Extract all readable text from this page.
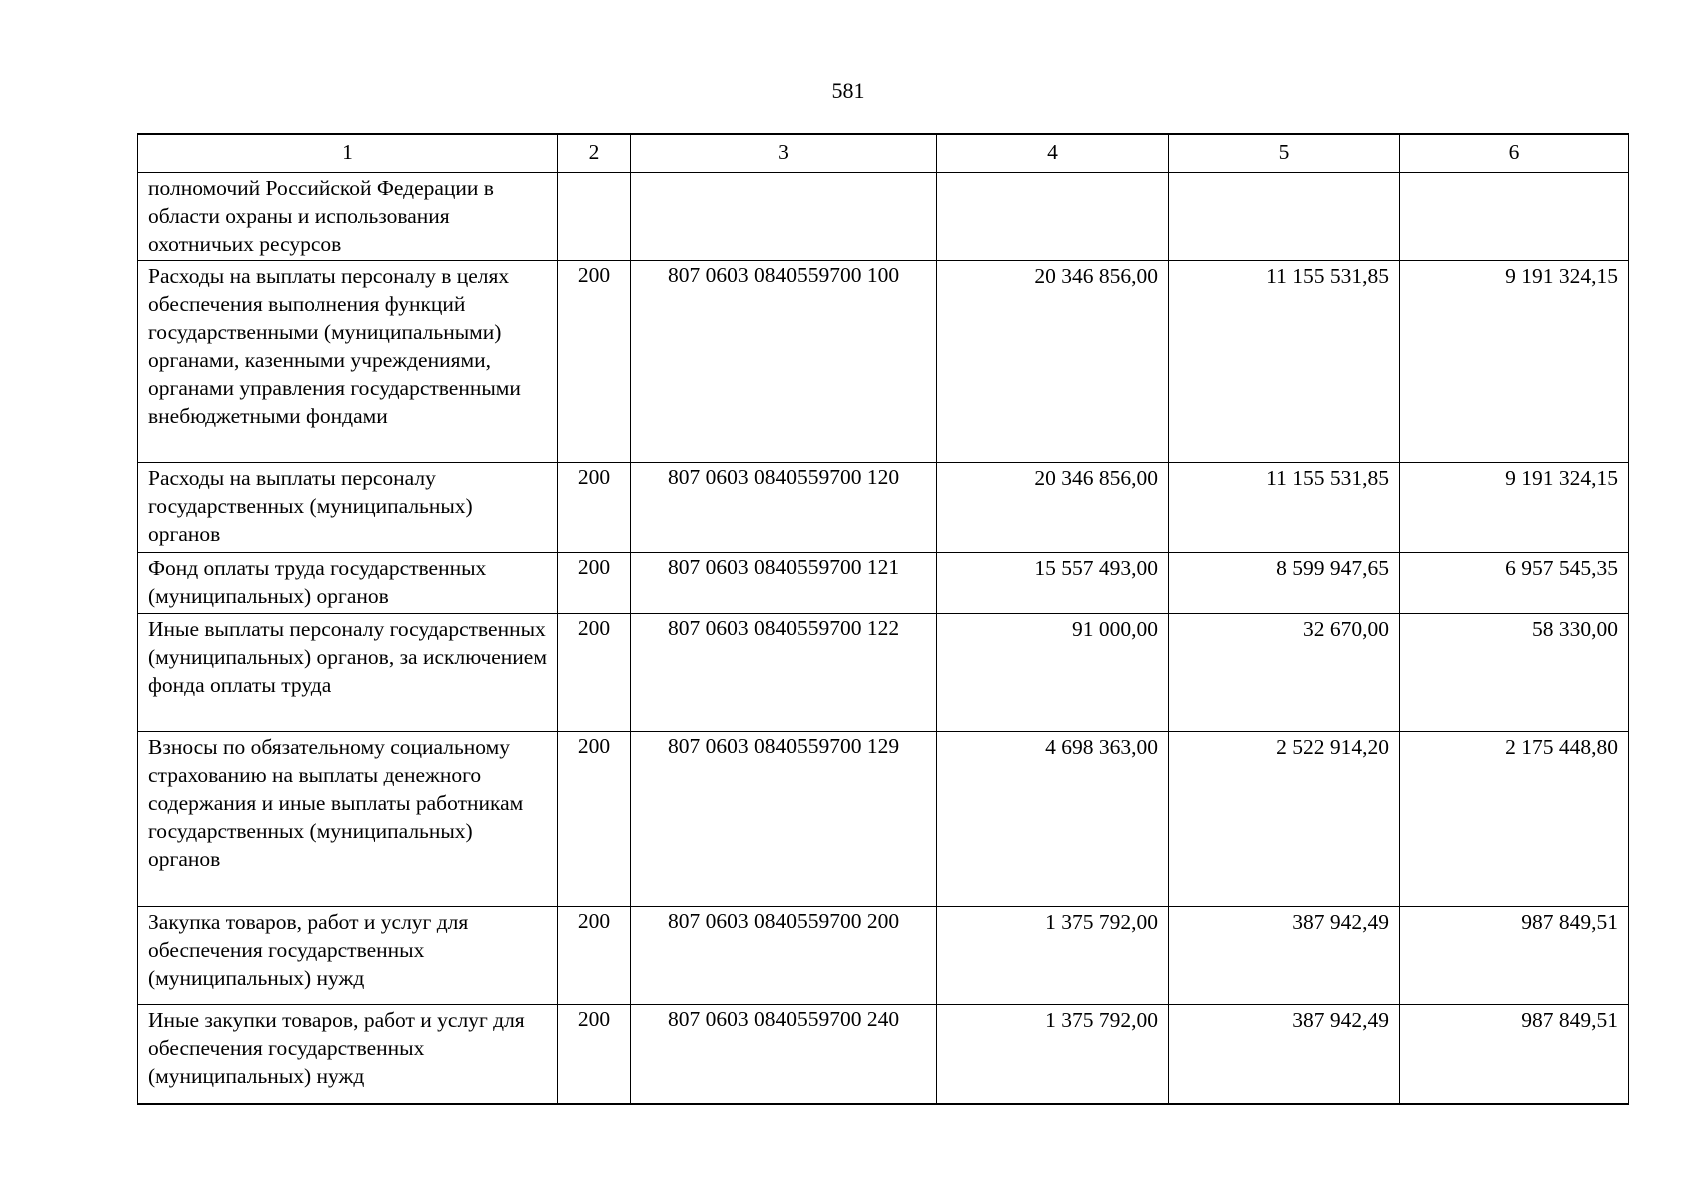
581
1	2	3	4	5	6
полномочий Российской Федерации в области охраны и использования охотничьих ресурсов					
Расходы на выплаты персоналу в целях обеспечения выполнения функций государственными (муниципальными) органами, казенными учреждениями, органами управления государственными внебюджетными фондами	200	807 0603 0840559700 100	20 346 856,00	11 155 531,85	9 191 324,15
Расходы на выплаты персоналу государственных (муниципальных) органов	200	807 0603 0840559700 120	20 346 856,00	11 155 531,85	9 191 324,15
Фонд оплаты труда государственных (муниципальных) органов	200	807 0603 0840559700 121	15 557 493,00	8 599 947,65	6 957 545,35
Иные выплаты персоналу государственных (муниципальных) органов, за исключением фонда оплаты труда	200	807 0603 0840559700 122	91 000,00	32 670,00	58 330,00
Взносы по обязательному социальному страхованию на выплаты денежного содержания и иные выплаты работникам государственных (муниципальных) органов	200	807 0603 0840559700 129	4 698 363,00	2 522 914,20	2 175 448,80
Закупка товаров, работ и услуг для обеспечения государственных (муниципальных) нужд	200	807 0603 0840559700 200	1 375 792,00	387 942,49	987 849,51
Иные закупки товаров, работ и услуг для обеспечения государственных (муниципальных) нужд	200	807 0603 0840559700 240	1 375 792,00	387 942,49	987 849,51
